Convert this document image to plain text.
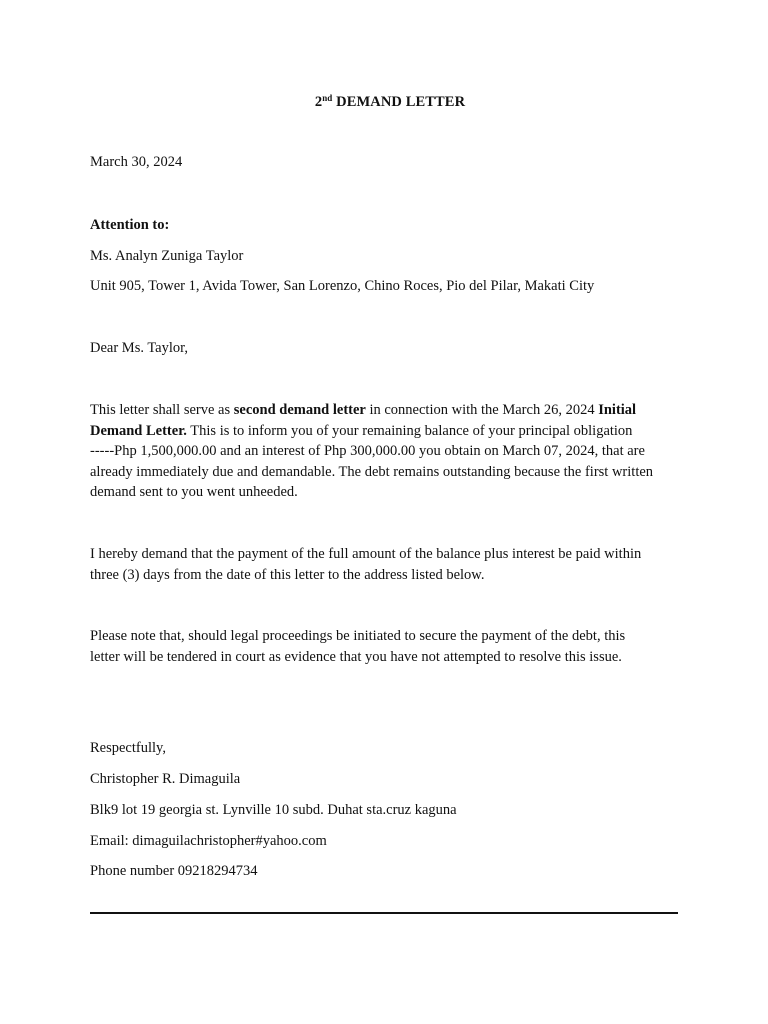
2nd DEMAND LETTER
March 30, 2024
Attention to:
Ms. Analyn Zuniga Taylor
Unit 905, Tower 1, Avida Tower, San Lorenzo, Chino Roces, Pio del Pilar, Makati City
Dear Ms. Taylor,
This letter shall serve as second demand letter in connection with the March 26, 2024 Initial
Demand Letter. This is to inform you of your remaining balance of your principal obligation
-----Php 1,500,000.00 and an interest of Php 300,000.00 you obtain on March 07, 2024, that are
already immediately due and demandable. The debt remains outstanding because the first written
demand sent to you went unheeded.
I hereby demand that the payment of the full amount of the balance plus interest be paid within
three (3) days from the date of this letter to the address listed below.
Please note that, should legal proceedings be initiated to secure the payment of the debt, this
letter will be tendered in court as evidence that you have not attempted to resolve this issue.
Respectfully,
Christopher R. Dimaguila
Blk9 lot 19 georgia st. Lynville 10 subd. Duhat sta.cruz kaguna
Email: dimaguilachristopher#yahoo.com
Phone number 09218294734
